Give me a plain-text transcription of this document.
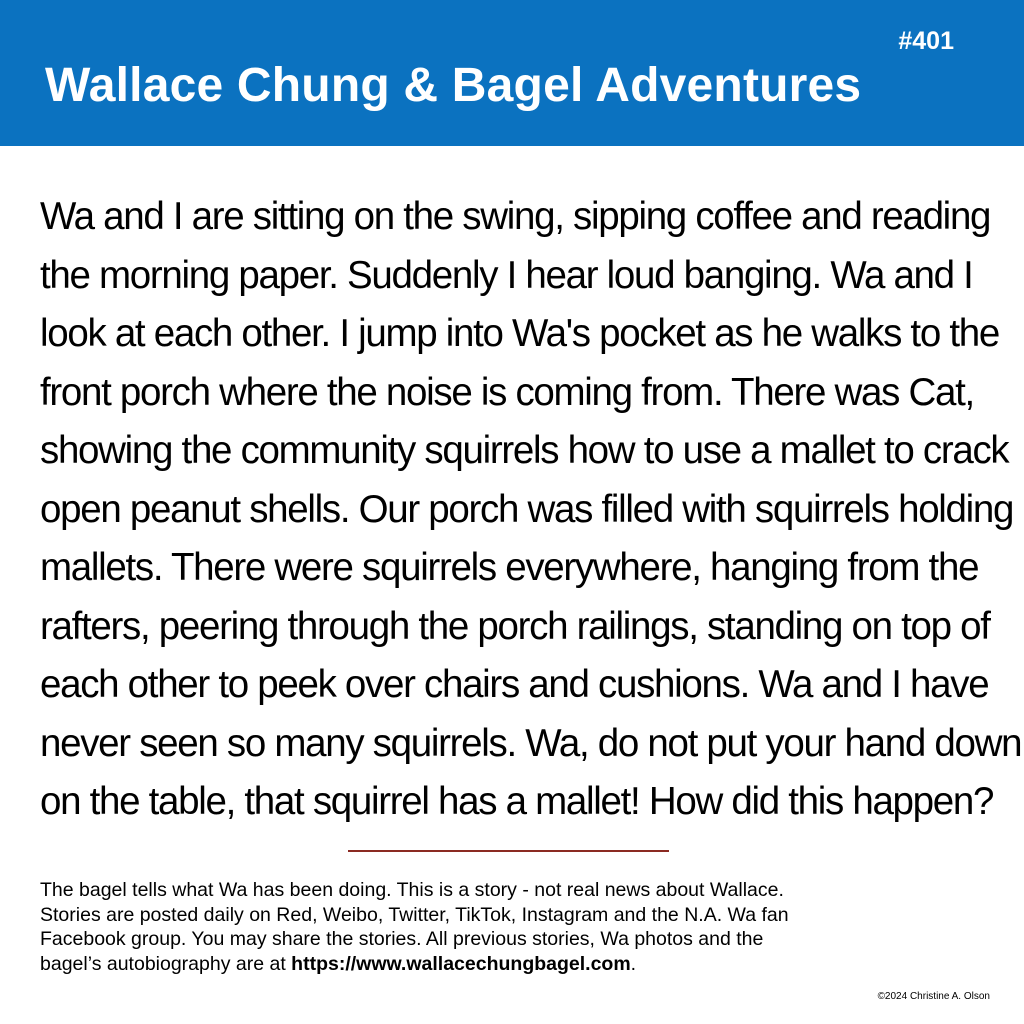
#401
Wallace Chung & Bagel Adventures
Wa and I are sitting on the swing, sipping coffee and reading
the morning paper. Suddenly I hear loud banging. Wa and I
look at each other. I jump into Wa's pocket as he walks to the
front porch where the noise is coming from. There was Cat,
showing the community squirrels how to use a mallet to crack
open peanut shells. Our porch was filled with squirrels holding
mallets. There were squirrels everywhere, hanging from the
rafters, peering through the porch railings, standing on top of
each other to peek over chairs and cushions. Wa and I have
never seen so many squirrels. Wa, do not put your hand down
on the table, that squirrel has a mallet! How did this happen?
The bagel tells what Wa has been doing. This is a story - not real news about Wallace.
Stories are posted daily on Red, Weibo, Twitter, TikTok, Instagram and the N.A. Wa fan
Facebook group. You may share the stories. All previous stories, Wa photos and the
bagel’s autobiography are at https://www.wallacechungbagel.com.
©2024 Christine A. Olson
